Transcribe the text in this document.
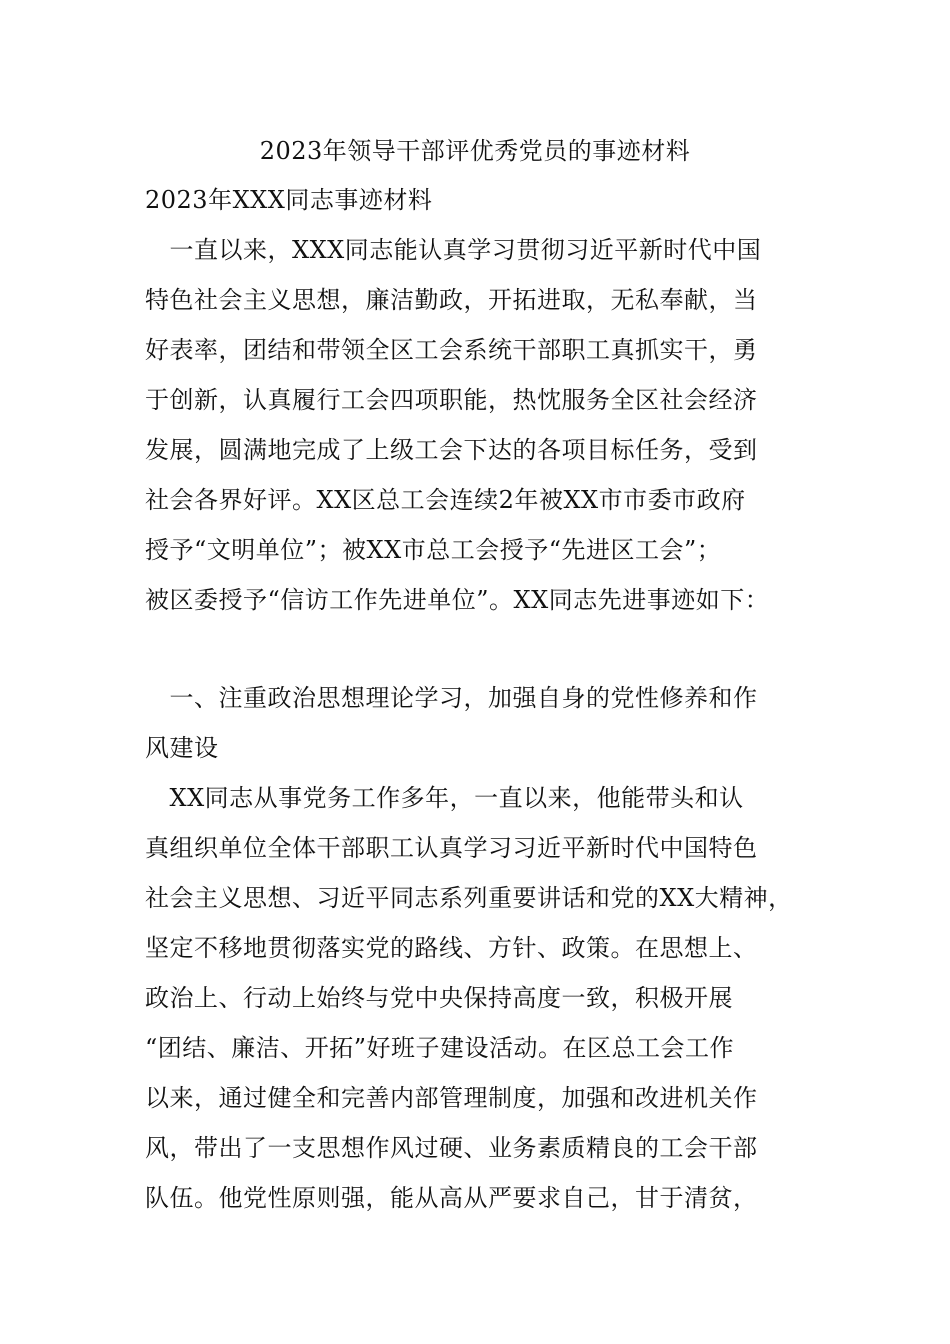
2023年领导干部评优秀党员的事迹材料
2023年XXX同志事迹材料
　一直以来，XXX同志能认真学习贯彻习近平新时代中国
特色社会主义思想，廉洁勤政，开拓进取，无私奉献，当
好表率，团结和带领全区工会系统干部职工真抓实干，勇
于创新，认真履行工会四项职能，热忱服务全区社会经济
发展，圆满地完成了上级工会下达的各项目标任务，受到
社会各界好评。XX区总工会连续2年被XX市市委市政府
授予“文明单位”；被XX市总工会授予“先进区工会”；
被区委授予“信访工作先进单位”。XX同志先进事迹如下：
　一、注重政治思想理论学习，加强自身的党性修养和作
风建设
　XX同志从事党务工作多年，一直以来，他能带头和认
真组织单位全体干部职工认真学习习近平新时代中国特色
社会主义思想、习近平同志系列重要讲话和党的XX大精神，
坚定不移地贯彻落实党的路线、方针、政策。在思想上、
政治上、行动上始终与党中央保持高度一致，积极开展
“团结、廉洁、开拓”好班子建设活动。在区总工会工作
以来，通过健全和完善内部管理制度，加强和改进机关作
风，带出了一支思想作风过硬、业务素质精良的工会干部
队伍。他党性原则强，能从高从严要求自己，甘于清贫，
